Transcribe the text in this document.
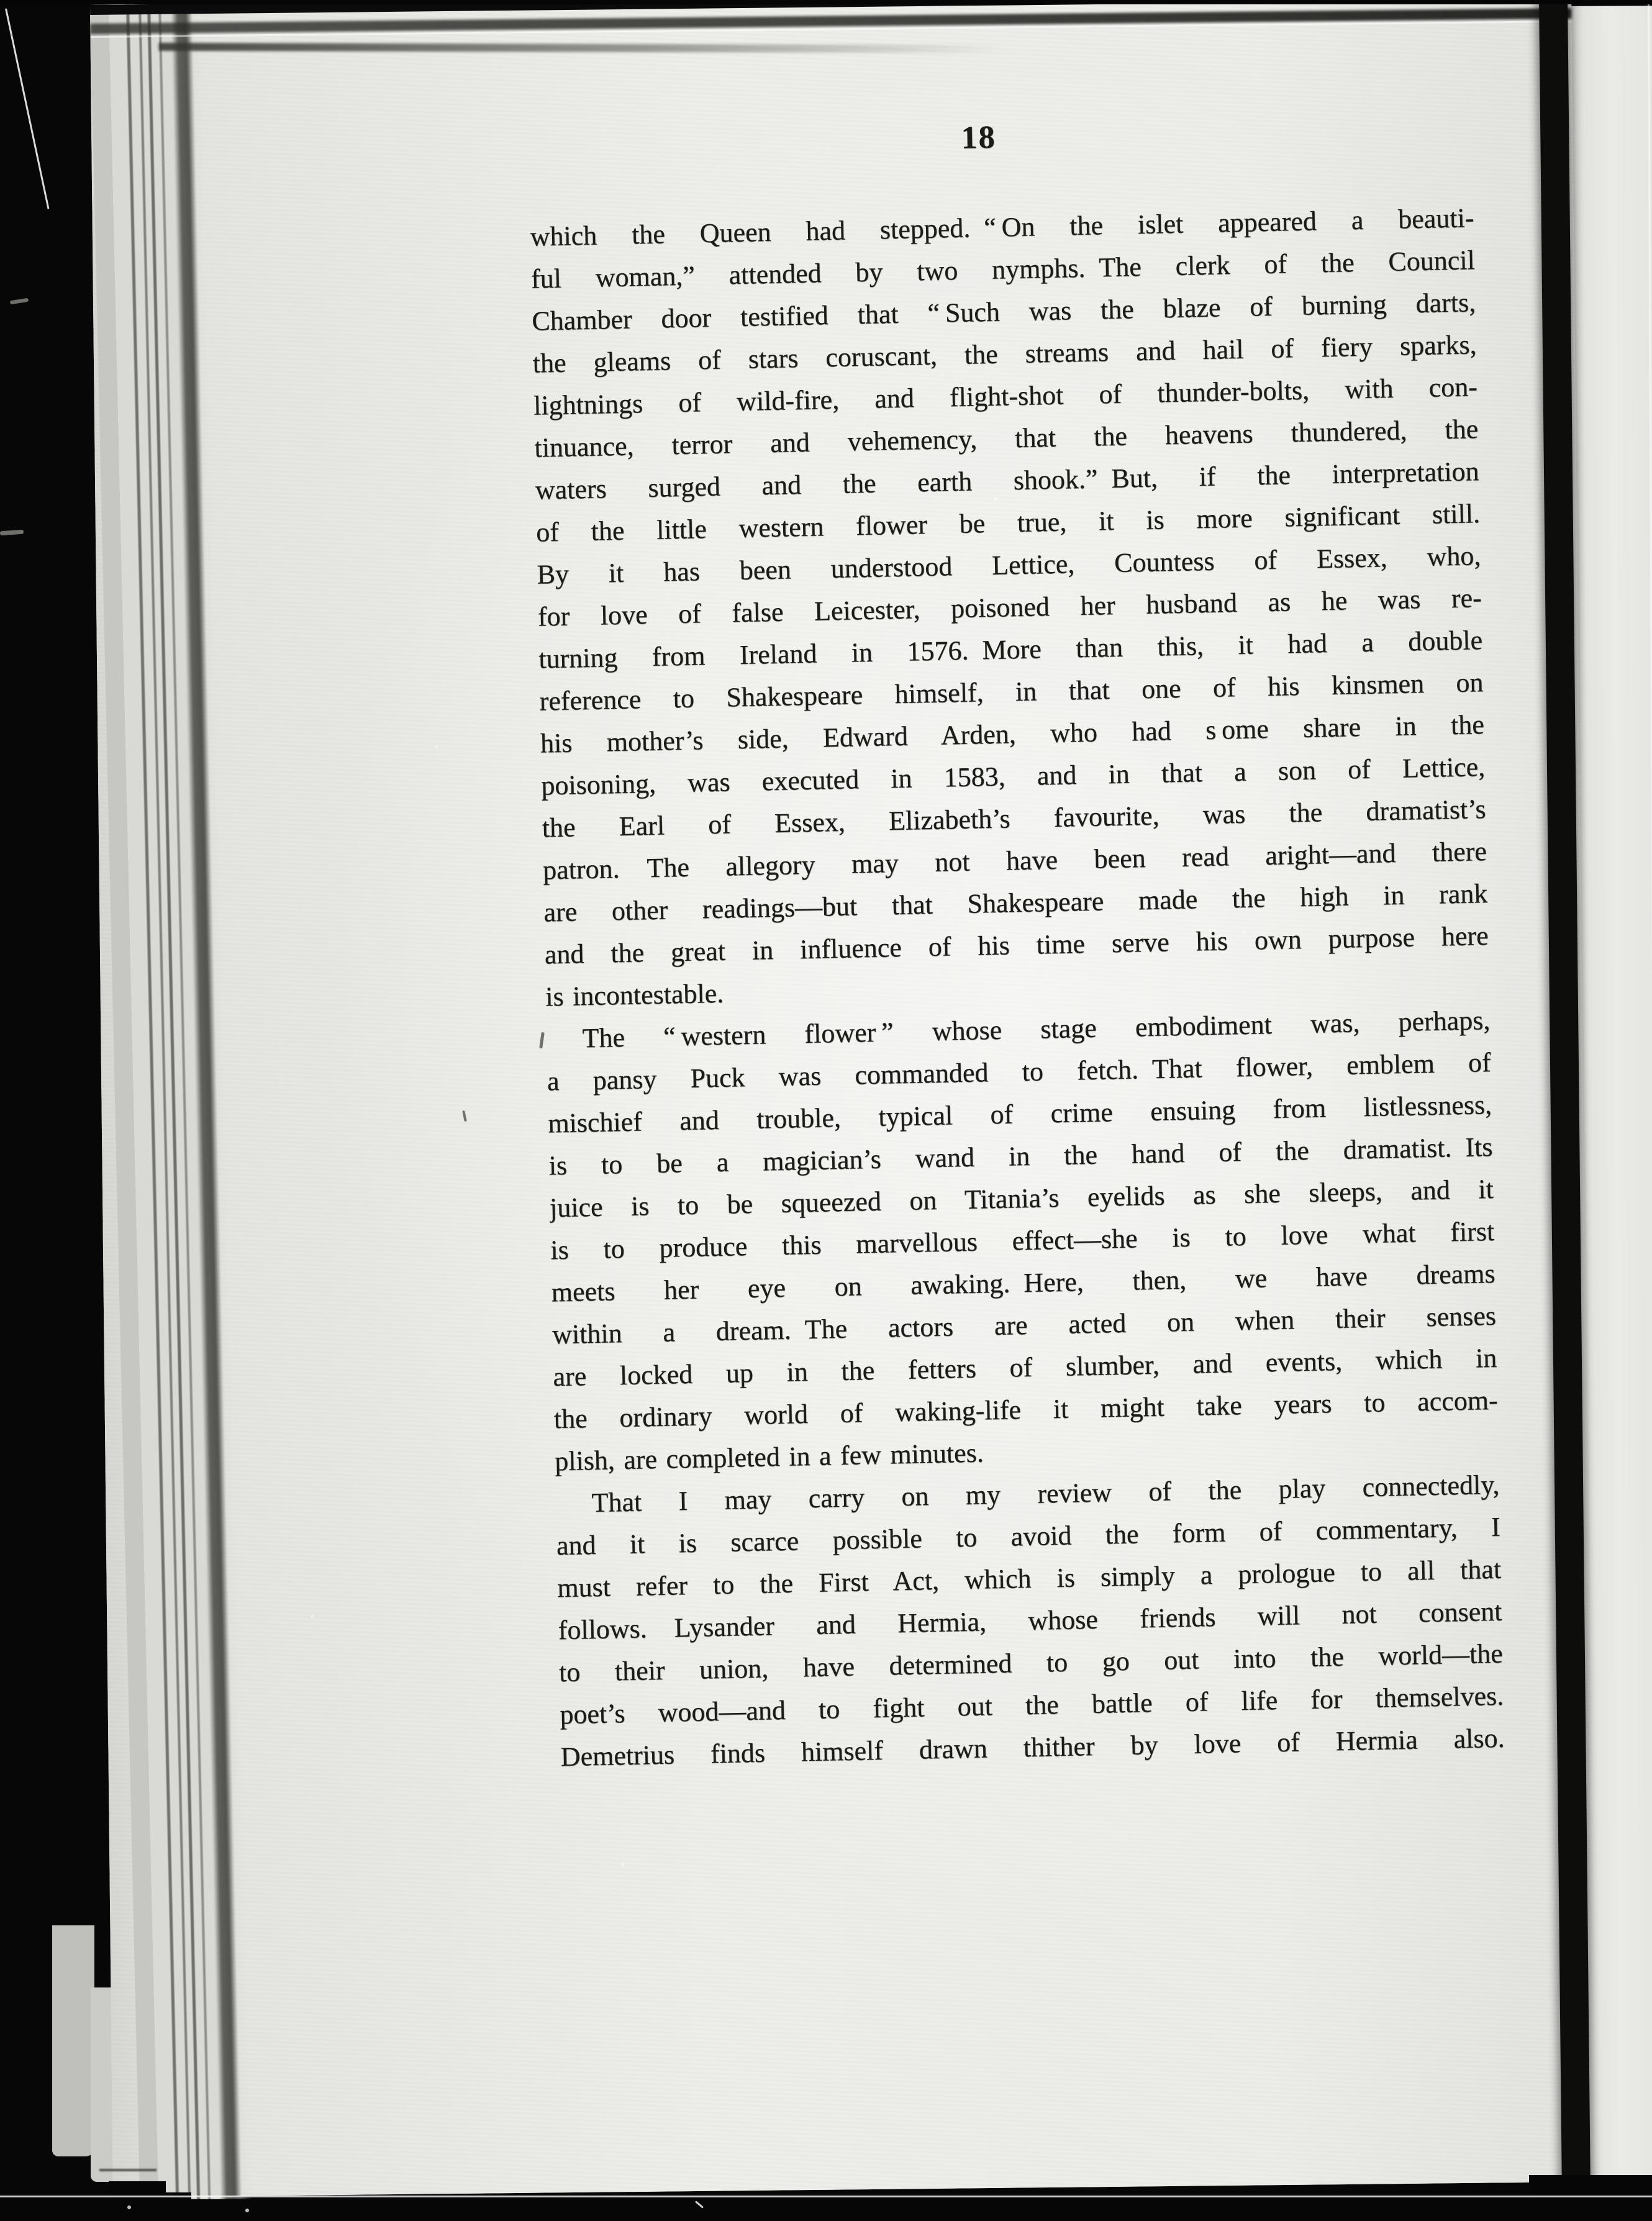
18
which the Queen had stepped. “ On the islet appeared a beauti-
ful woman,” attended by two nymphs. The clerk of the Council
Chamber door testified that “ Such was the blaze of burning darts,
the gleams of stars coruscant, the streams and hail of fiery sparks,
lightnings of wild-fire, and flight-shot of thunder-bolts, with con-
tinuance, terror and vehemency, that the heavens thundered, the
waters surged and the earth shook.” But, if the interpretation
of the little western flower be true, it is more significant still.
By it has been understood Lettice, Countess of Essex, who,
for love of false Leicester, poisoned her husband as he was re-
turning from Ireland in 1576. More than this, it had a double
reference to Shakespeare himself, in that one of his kinsmen on
his mother’s side, Edward Arden, who had s ome share in the
poisoning, was executed in 1583, and in that a son of Lettice,
the Earl of Essex, Elizabeth’s favourite, was the dramatist’s
patron. The allegory may not have been read aright—and there
are other readings—but that Shakespeare made the high in rank
and the great in influence of his time serve his own purpose here
is incontestable.
The “ western flower ” whose stage embodiment was, perhaps,
a pansy Puck was commanded to fetch. That flower, emblem of
mischief and trouble, typical of crime ensuing from listlessness,
is to be a magician’s wand in the hand of the dramatist. Its
juice is to be squeezed on Titania’s eyelids as she sleeps, and it
is to produce this marvellous effect—she is to love what first
meets her eye on awaking. Here, then, we have dreams
within a dream. The actors are acted on when their senses
are locked up in the fetters of slumber, and events, which in
the ordinary world of waking-life it might take years to accom-
plish, are completed in a few minutes.
That I may carry on my review of the play connectedly,
and it is scarce possible to avoid the form of commentary, I
must refer to the First Act, which is simply a prologue to all that
follows. Lysander and Hermia, whose friends will not consent
to their union, have determined to go out into the world—the
poet’s wood—and to fight out the battle of life for themselves.
Demetrius finds himself drawn thither by love of Hermia also.
